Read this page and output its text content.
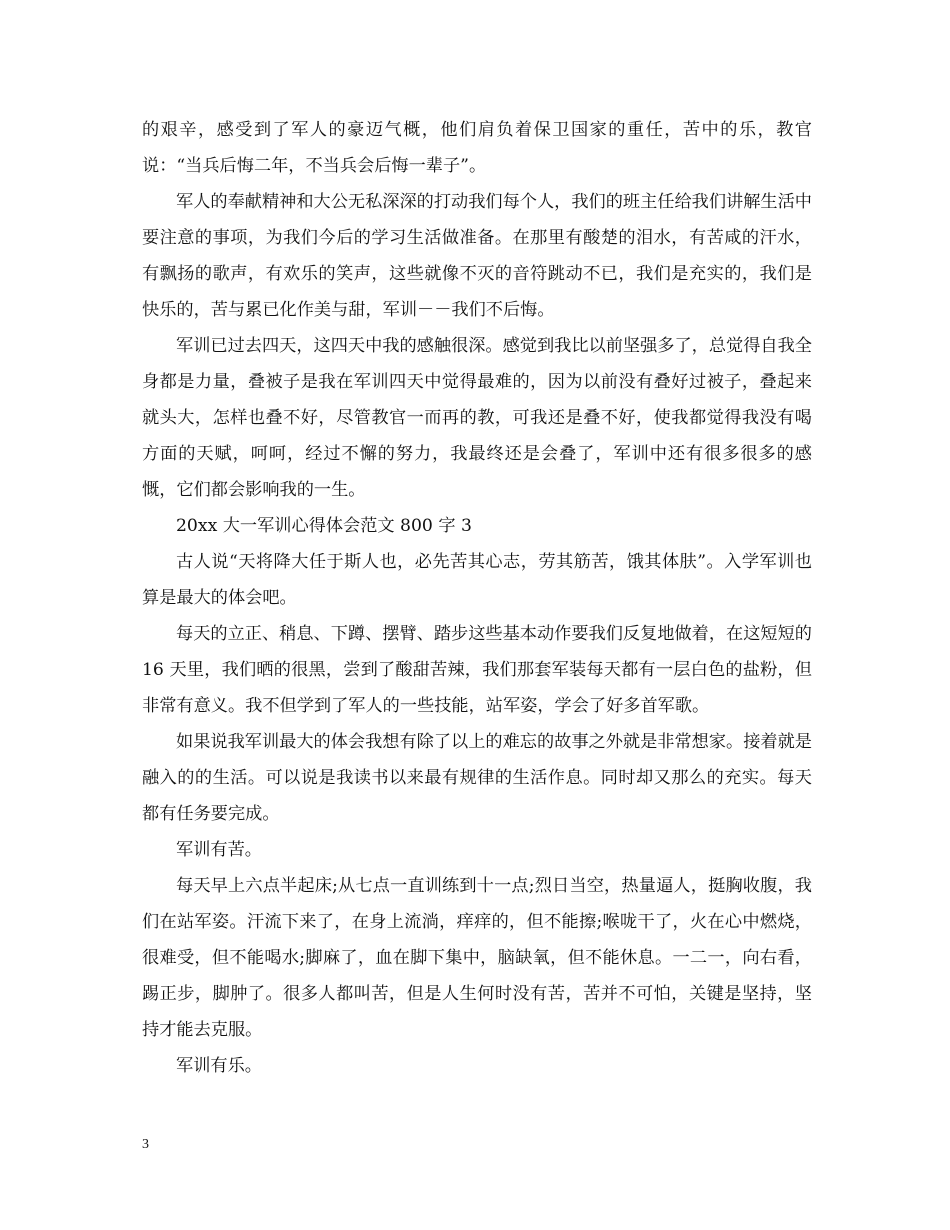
的艰辛，感受到了军人的豪迈气概，他们肩负着保卫国家的重任，苦中的乐，教官说：“当兵后悔二年，不当兵会后悔一辈子”。

军人的奉献精神和大公无私深深的打动我们每个人，我们的班主任给我们讲解生活中要注意的事项，为我们今后的学习生活做准备。在那里有酸楚的泪水，有苦咸的汗水，有飘扬的歌声，有欢乐的笑声，这些就像不灭的音符跳动不已，我们是充实的，我们是快乐的，苦与累已化作美与甜，军训－－我们不后悔。

军训已过去四天，这四天中我的感触很深。感觉到我比以前坚强多了，总觉得自我全身都是力量，叠被子是我在军训四天中觉得最难的，因为以前没有叠好过被子，叠起来就头大，怎样也叠不好，尽管教官一而再的教，可我还是叠不好，使我都觉得我没有喝方面的天赋，呵呵，经过不懈的努力，我最终还是会叠了，军训中还有很多很多的感慨，它们都会影响我的一生。

20xx 大一军训心得体会范文 800 字 3

古人说“天将降大任于斯人也，必先苦其心志，劳其筋苦，饿其体肤”。入学军训也算是最大的体会吧。

每天的立正、稍息、下蹲、摆臂、踏步这些基本动作要我们反复地做着，在这短短的 16 天里，我们晒的很黑，尝到了酸甜苦辣，我们那套军装每天都有一层白色的盐粉，但非常有意义。我不但学到了军人的一些技能，站军姿，学会了好多首军歌。

如果说我军训最大的体会我想有除了以上的难忘的故事之外就是非常想家。接着就是融入的的生活。可以说是我读书以来最有规律的生活作息。同时却又那么的充实。每天都有任务要完成。

军训有苦。

每天早上六点半起床;从七点一直训练到十一点;烈日当空，热量逼人，挺胸收腹，我们在站军姿。汗流下来了，在身上流淌，痒痒的，但不能擦;喉咙干了，火在心中燃烧，很难受，但不能喝水;脚麻了，血在脚下集中，脑缺氧，但不能休息。一二一，向右看，踢正步，脚肿了。很多人都叫苦，但是人生何时没有苦，苦并不可怕，关键是坚持，坚持才能去克服。

军训有乐。

3
